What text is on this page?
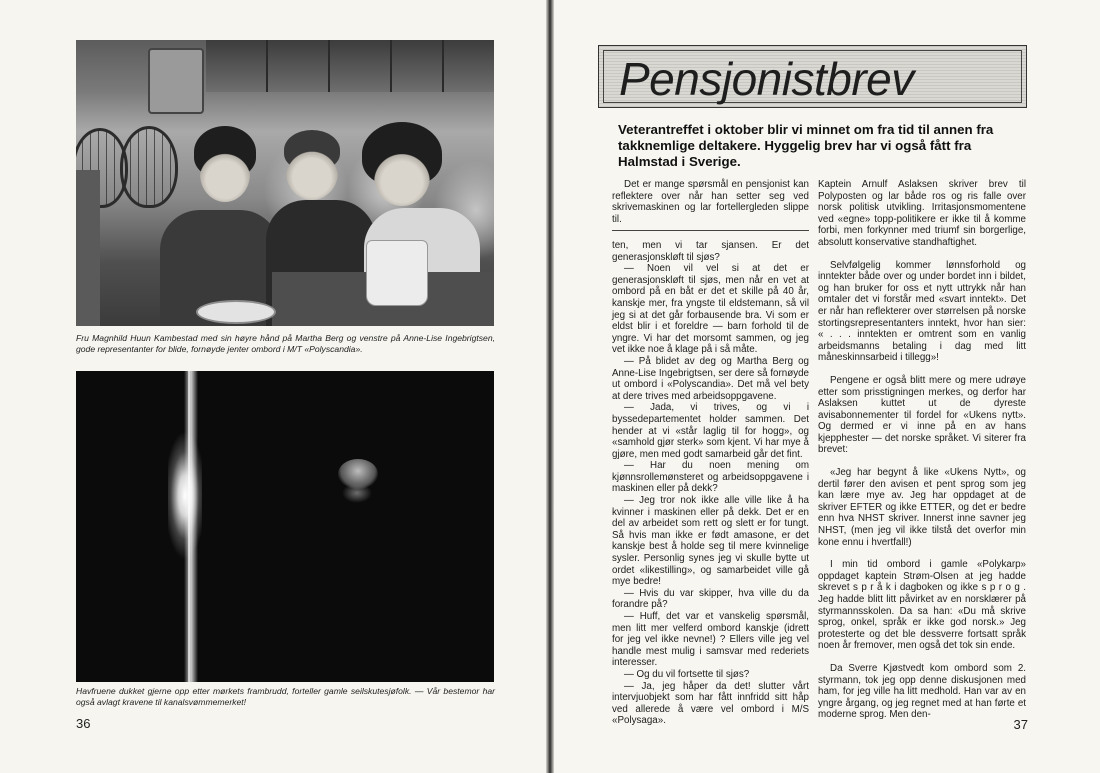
Fru Magnhild Huun Kambestad med sin høyre hånd på Martha Berg og venstre på Anne-Lise Ingebrigtsen, gode representanter for blide, fornøyde jenter ombord i M/T «Polyscandia».
Havfruene dukket gjerne opp etter mørkets frambrudd, forteller gamle seilskutesjøfolk. — Vår bestemor har også avlagt kravene til kanalsvømmemerket!
36
Pensjonistbrev
Veterantreffet i oktober blir vi minnet om fra tid til annen fra takknemlige deltakere. Hyggelig brev har vi også fått fra Halmstad i Sverige.

Det er mange spørsmål en pensjonist kan reflektere over når han setter seg ved skrivemaskinen og lar fortellergleden slippe til.

ten, men vi tar sjansen. Er det generasjonskløft til sjøs?

— Noen vil vel si at det er generasjonskløft til sjøs, men når en vet at ombord på en båt er det et skille på 40 år, kanskje mer, fra yngste til eldstemann, så vil jeg si at det går forbausende bra. Vi som er eldst blir i et foreldre — barn forhold til de yngre. Vi har det morsomt sammen, og jeg vet ikke noe å klage på i så måte.

— På blidet av deg og Martha Berg og Anne-Lise Ingebrigtsen, ser dere så fornøyde ut ombord i «Polyscandia». Det må vel bety at dere trives med arbeidsoppgavene.

— Jada, vi trives, og vi i byssedepartementet holder sammen. Det hender at vi «står laglig til for hogg», og «samhold gjør sterk» som kjent. Vi har mye å gjøre, men med godt samarbeid går det fint.

— Har du noen mening om kjønnsrollemønsteret og arbeidsoppgavene i maskinen eller på dekk?

— Jeg tror nok ikke alle ville like å ha kvinner i maskinen eller på dekk. Det er en del av arbeidet som rett og slett er for tungt. Så hvis man ikke er født amasone, er det kanskje best å holde seg til mere kvinnelige sysler. Personlig synes jeg vi skulle bytte ut ordet «likestilling», og samarbeidet ville gå mye bedre!

— Hvis du var skipper, hva ville du da forandre på?

— Huff, det var et vanskelig spørsmål, men litt mer velferd ombord kanskje (idrett for jeg vel ikke nevne!) ? Ellers ville jeg vel handle mest mulig i samsvar med rederiets interesser.

— Og du vil fortsette til sjøs?

— Ja, jeg håper da det! slutter vårt intervjuobjekt som har fått innfridd sitt håp ved allerede å være vel ombord i M/S «Polysaga».

Kaptein Arnulf Aslaksen skriver brev til Polyposten og lar både ros og ris falle over norsk politisk utvikling. Irritasjonsmomentene ved «egne» topp-politikere er ikke til å komme forbi, men forkynner med triumf sin borgerlige, absolutt konservative standhaftighet.

Selvfølgelig kommer lønnsforhold og inntekter både over og under bordet inn i bildet, og han bruker for oss et nytt uttrykk når han omtaler det vi forstår med «svart inntekt». Det er når han reflekterer over størrelsen på norske stortingsrepresentanters inntekt, hvor han sier: « . . . inntekten er omtrent som en vanlig arbeidsmanns betaling i dag med litt måneskinnsarbeid i tillegg»!

Pengene er også blitt mere og mere udrøye etter som prisstigningen merkes, og derfor har Aslaksen kuttet ut de dyreste avisabonnementer til fordel for «Ukens nytt». Og dermed er vi inne på en av hans kjepphester — det norske språket. Vi siterer fra brevet:

«Jeg har begynt å like «Ukens Nytt», og dertil fører den avisen et pent sprog som jeg kan lære mye av. Jeg har oppdaget at de skriver EFTER og ikke ETTER, og det er bedre enn hva NHST skriver. Innerst inne savner jeg NHST, (men jeg vil ikke tilstå det overfor min kone ennu i hvertfall!)

I min tid ombord i gamle «Polykarp» oppdaget kaptein Strøm-Olsen at jeg hadde skrevet s p r å k i dagboken og ikke s p r o g . Jeg hadde blitt litt påvirket av en norsklærer på styrmannsskolen. Da sa han: «Du må skrive sprog, onkel, språk er ikke god norsk.» Jeg protesterte og det ble dessverre fortsatt språk noen år fremover, men også det tok sin ende.

Da Sverre Kjøstvedt kom ombord som 2. styrmann, tok jeg opp denne diskusjonen med ham, for jeg ville ha litt medhold. Han var av en yngre årgang, og jeg regnet med at han førte et moderne sprog. Men den-

37
